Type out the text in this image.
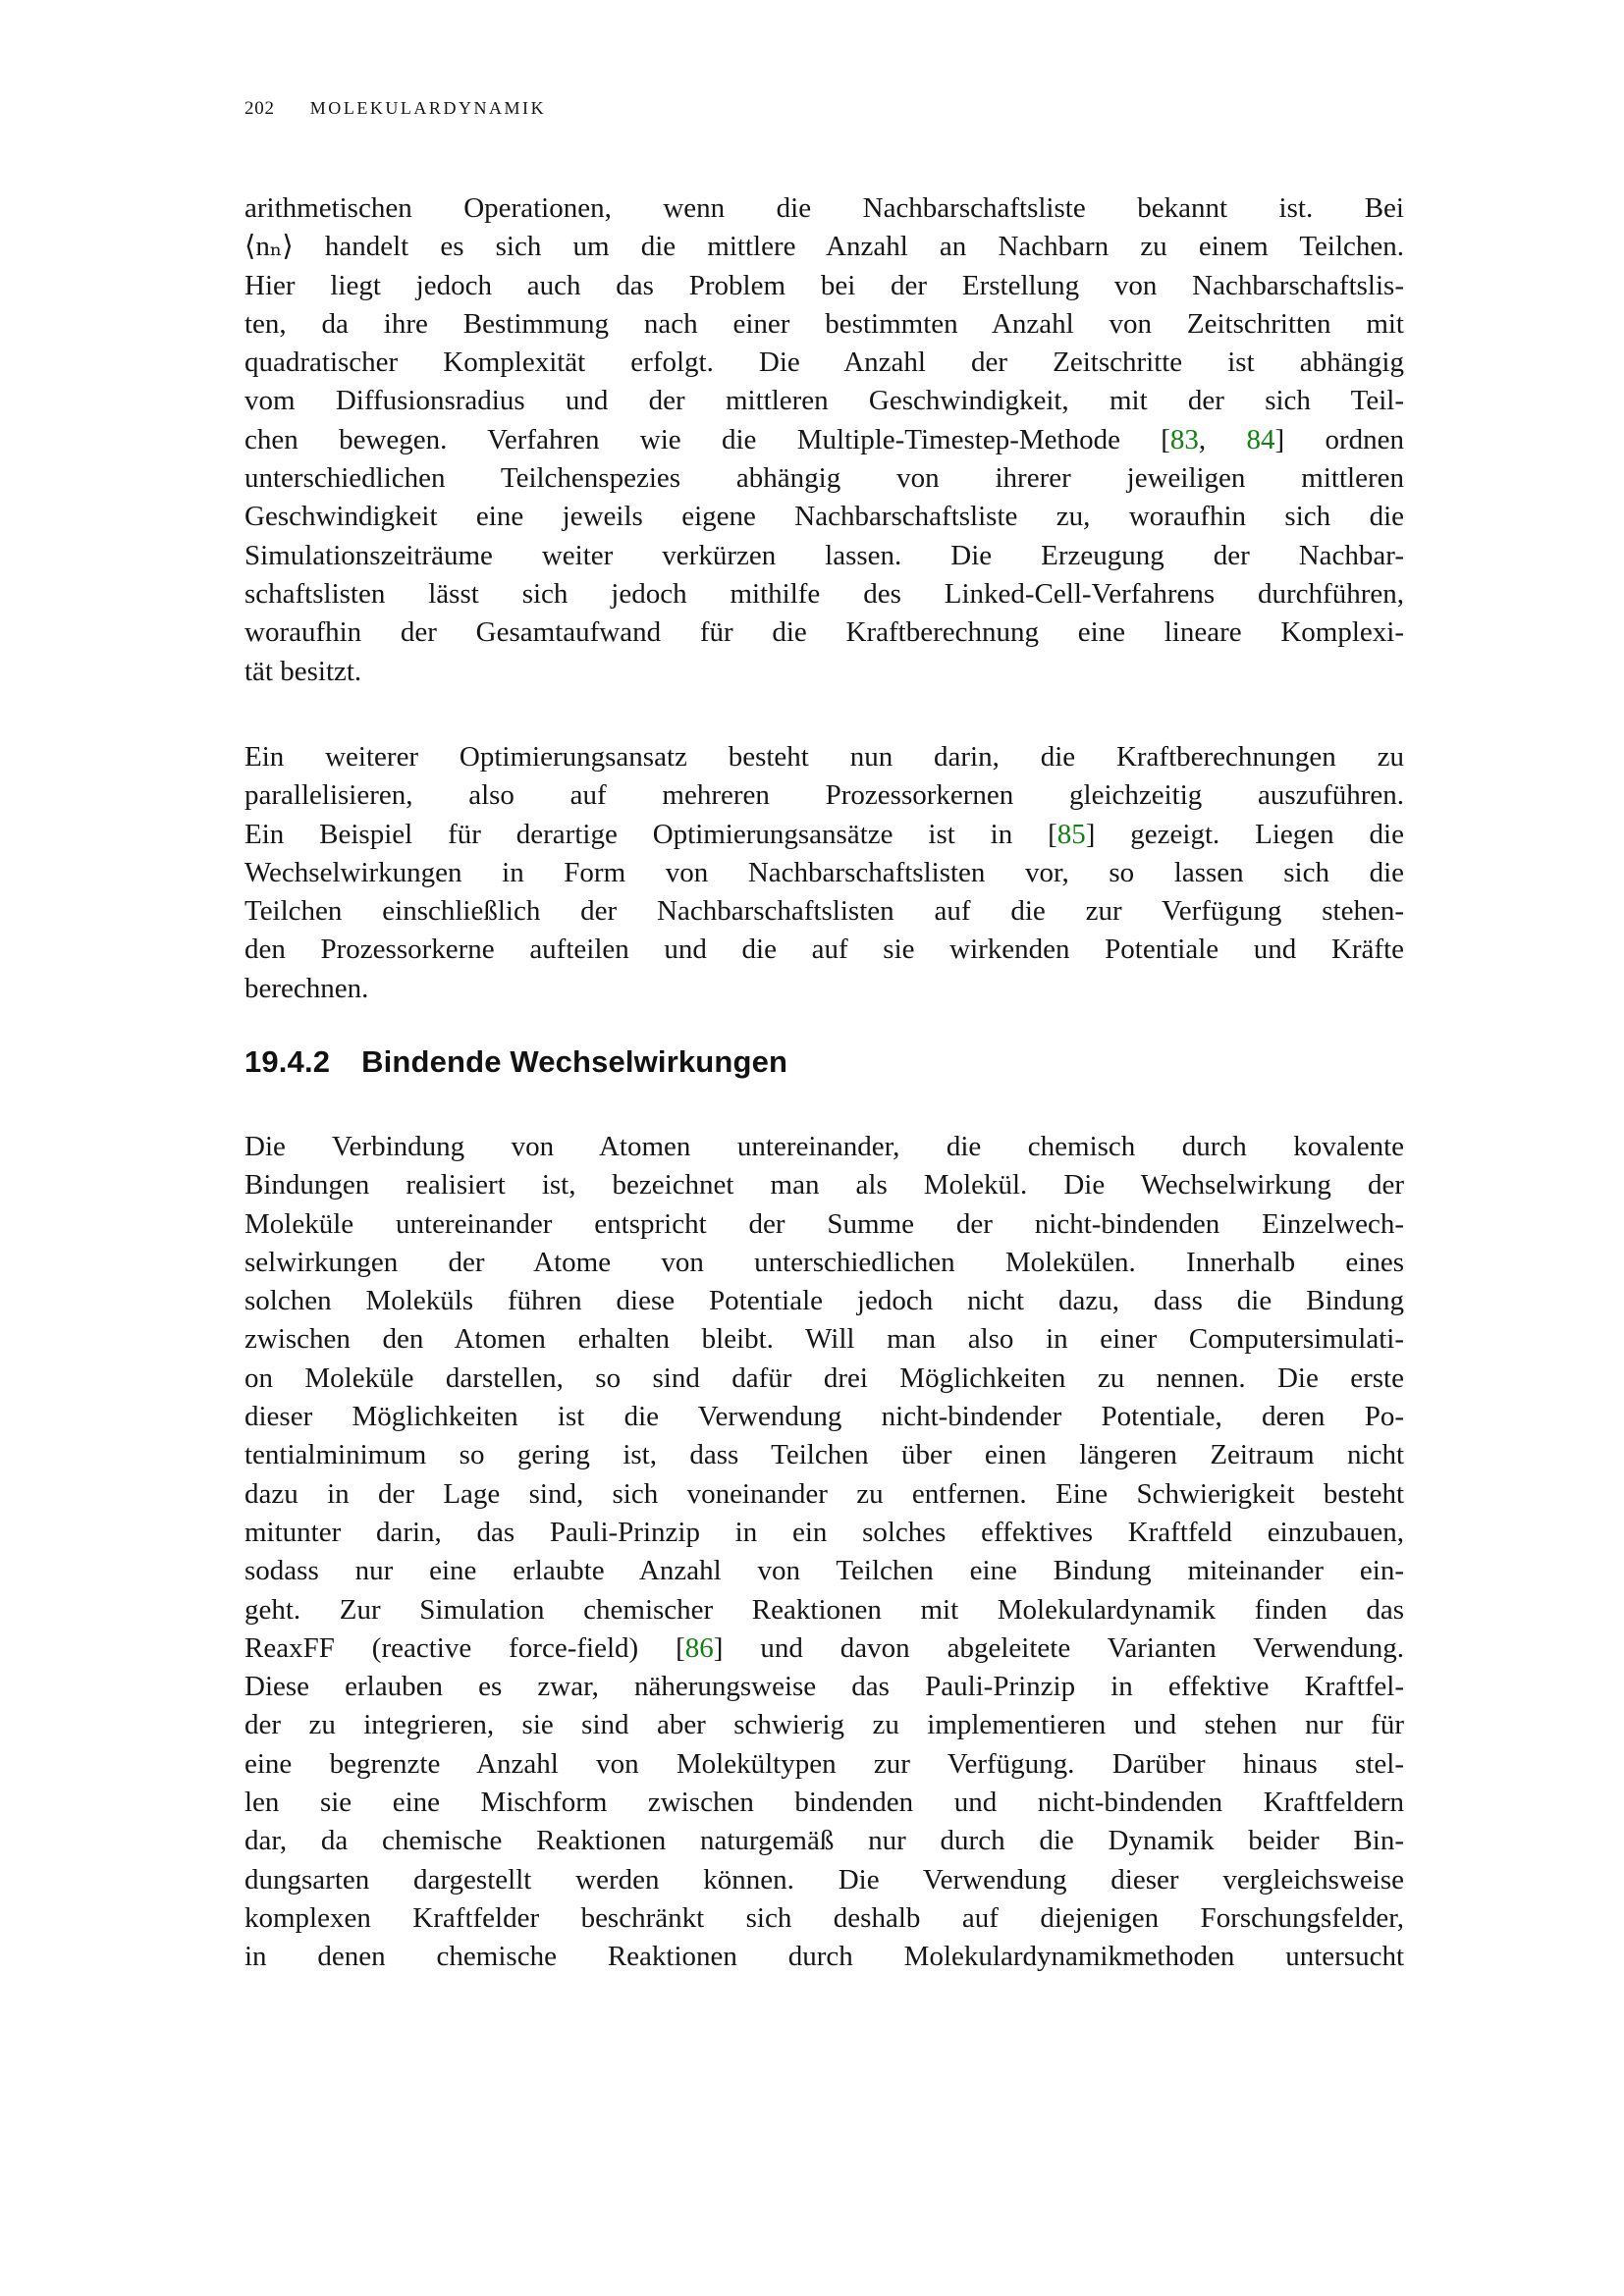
202 MOLEKULARDYNAMIK
arithmetischen Operationen, wenn die Nachbarschaftsliste bekannt ist. Bei
⟨nₙ⟩ handelt es sich um die mittlere Anzahl an Nachbarn zu einem Teilchen.
Hier liegt jedoch auch das Problem bei der Erstellung von Nachbarschaftslis-
ten, da ihre Bestimmung nach einer bestimmten Anzahl von Zeitschritten mit
quadratischer Komplexität erfolgt. Die Anzahl der Zeitschritte ist abhängig
vom Diffusionsradius und der mittleren Geschwindigkeit, mit der sich Teil-
chen bewegen. Verfahren wie die Multiple-Timestep-Methode [83, 84] ordnen
unterschiedlichen Teilchenspezies abhängig von ihrerer jeweiligen mittleren
Geschwindigkeit eine jeweils eigene Nachbarschaftsliste zu, woraufhin sich die
Simulationszeiträume weiter verkürzen lassen. Die Erzeugung der Nachbar-
schaftslisten lässt sich jedoch mithilfe des Linked-Cell-Verfahrens durchführen,
woraufhin der Gesamtaufwand für die Kraftberechnung eine lineare Komplexi-
tät besitzt.
Ein weiterer Optimierungsansatz besteht nun darin, die Kraftberechnungen zu
parallelisieren, also auf mehreren Prozessorkernen gleichzeitig auszuführen.
Ein Beispiel für derartige Optimierungsansätze ist in [85] gezeigt. Liegen die
Wechselwirkungen in Form von Nachbarschaftslisten vor, so lassen sich die
Teilchen einschließlich der Nachbarschaftslisten auf die zur Verfügung stehen-
den Prozessorkerne aufteilen und die auf sie wirkenden Potentiale und Kräfte
berechnen.
19.4.2 Bindende Wechselwirkungen
Die Verbindung von Atomen untereinander, die chemisch durch kovalente
Bindungen realisiert ist, bezeichnet man als Molekül. Die Wechselwirkung der
Moleküle untereinander entspricht der Summe der nicht-bindenden Einzelwech-
selwirkungen der Atome von unterschiedlichen Molekülen. Innerhalb eines
solchen Moleküls führen diese Potentiale jedoch nicht dazu, dass die Bindung
zwischen den Atomen erhalten bleibt. Will man also in einer Computersimulati-
on Moleküle darstellen, so sind dafür drei Möglichkeiten zu nennen. Die erste
dieser Möglichkeiten ist die Verwendung nicht-bindender Potentiale, deren Po-
tentialminimum so gering ist, dass Teilchen über einen längeren Zeitraum nicht
dazu in der Lage sind, sich voneinander zu entfernen. Eine Schwierigkeit besteht
mitunter darin, das Pauli-Prinzip in ein solches effektives Kraftfeld einzubauen,
sodass nur eine erlaubte Anzahl von Teilchen eine Bindung miteinander ein-
geht. Zur Simulation chemischer Reaktionen mit Molekulardynamik finden das
ReaxFF (reactive force-field) [86] und davon abgeleitete Varianten Verwendung.
Diese erlauben es zwar, näherungsweise das Pauli-Prinzip in effektive Kraftfel-
der zu integrieren, sie sind aber schwierig zu implementieren und stehen nur für
eine begrenzte Anzahl von Molekültypen zur Verfügung. Darüber hinaus stel-
len sie eine Mischform zwischen bindenden und nicht-bindenden Kraftfeldern
dar, da chemische Reaktionen naturgemäß nur durch die Dynamik beider Bin-
dungsarten dargestellt werden können. Die Verwendung dieser vergleichsweise
komplexen Kraftfelder beschränkt sich deshalb auf diejenigen Forschungsfelder,
in denen chemische Reaktionen durch Molekulardynamikmethoden untersucht
